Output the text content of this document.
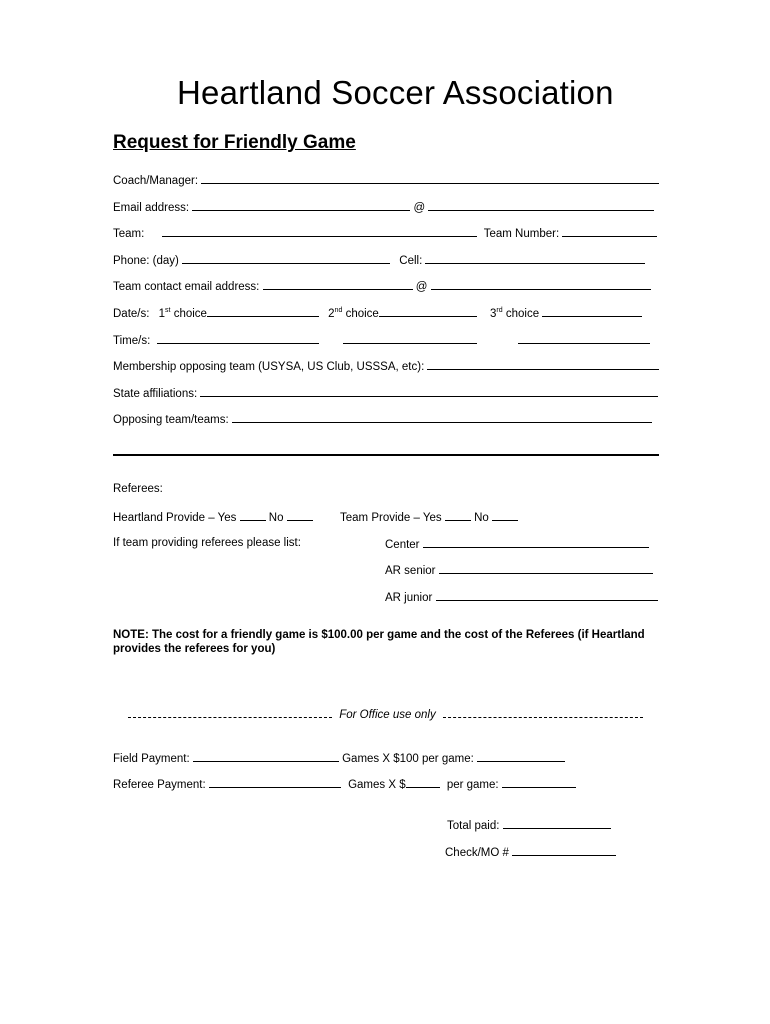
Heartland Soccer Association
Request for Friendly Game
Coach/Manager:
Email address:	@
Team:	Team Number:
Phone: (day)	Cell:
Team contact email address:	@
Date/s: 1st choice	2nd choice	3rd choice
Time/s:
Membership opposing team (USYSA, US Club, USSSA, etc):
State affiliations:
Opposing team/teams:
Referees:
Heartland Provide – Yes	No	Team Provide – Yes	No
If team providing referees please list:	Center
AR senior
AR junior
NOTE: The cost for a friendly game is $100.00 per game and the cost of the Referees (if Heartland
provides the referees for you)
For Office use only
Field Payment:	Games X $100 per game:
Referee Payment:	Games X $	per game:
Total paid:
Check/MO #
